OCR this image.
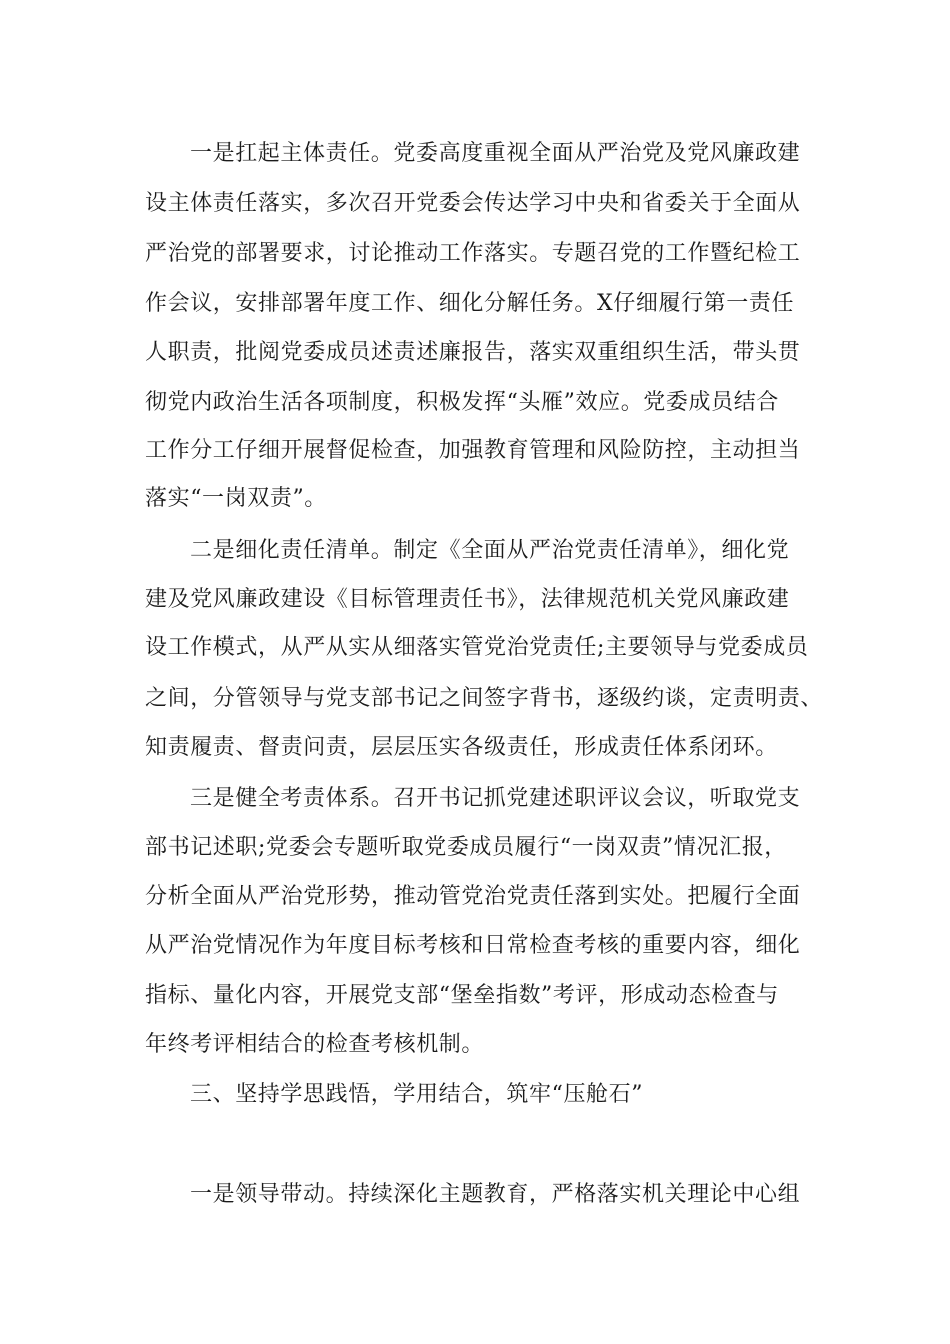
一是扛起主体责任。党委高度重视全面从严治党及党风廉政建
设主体责任落实，多次召开党委会传达学习中央和省委关于全面从
严治党的部署要求，讨论推动工作落实。专题召党的工作暨纪检工
作会议，安排部署年度工作、细化分解任务。X仔细履行第一责任
人职责，批阅党委成员述责述廉报告，落实双重组织生活，带头贯
彻党内政治生活各项制度，积极发挥“头雁”效应。党委成员结合
工作分工仔细开展督促检查，加强教育管理和风险防控，主动担当
落实“一岗双责”。
二是细化责任清单。制定《全面从严治党责任清单》，细化党
建及党风廉政建设《目标管理责任书》，法律规范机关党风廉政建
设工作模式，从严从实从细落实管党治党责任;主要领导与党委成员
之间，分管领导与党支部书记之间签字背书，逐级约谈，定责明责、
知责履责、督责问责，层层压实各级责任，形成责任体系闭环。
三是健全考责体系。召开书记抓党建述职评议会议，听取党支
部书记述职;党委会专题听取党委成员履行“一岗双责”情况汇报，
分析全面从严治党形势，推动管党治党责任落到实处。把履行全面
从严治党情况作为年度目标考核和日常检查考核的重要内容，细化
指标、量化内容，开展党支部“堡垒指数”考评，形成动态检查与
年终考评相结合的检查考核机制。
三、坚持学思践悟，学用结合，筑牢“压舱石”
一是领导带动。持续深化主题教育，严格落实机关理论中心组
